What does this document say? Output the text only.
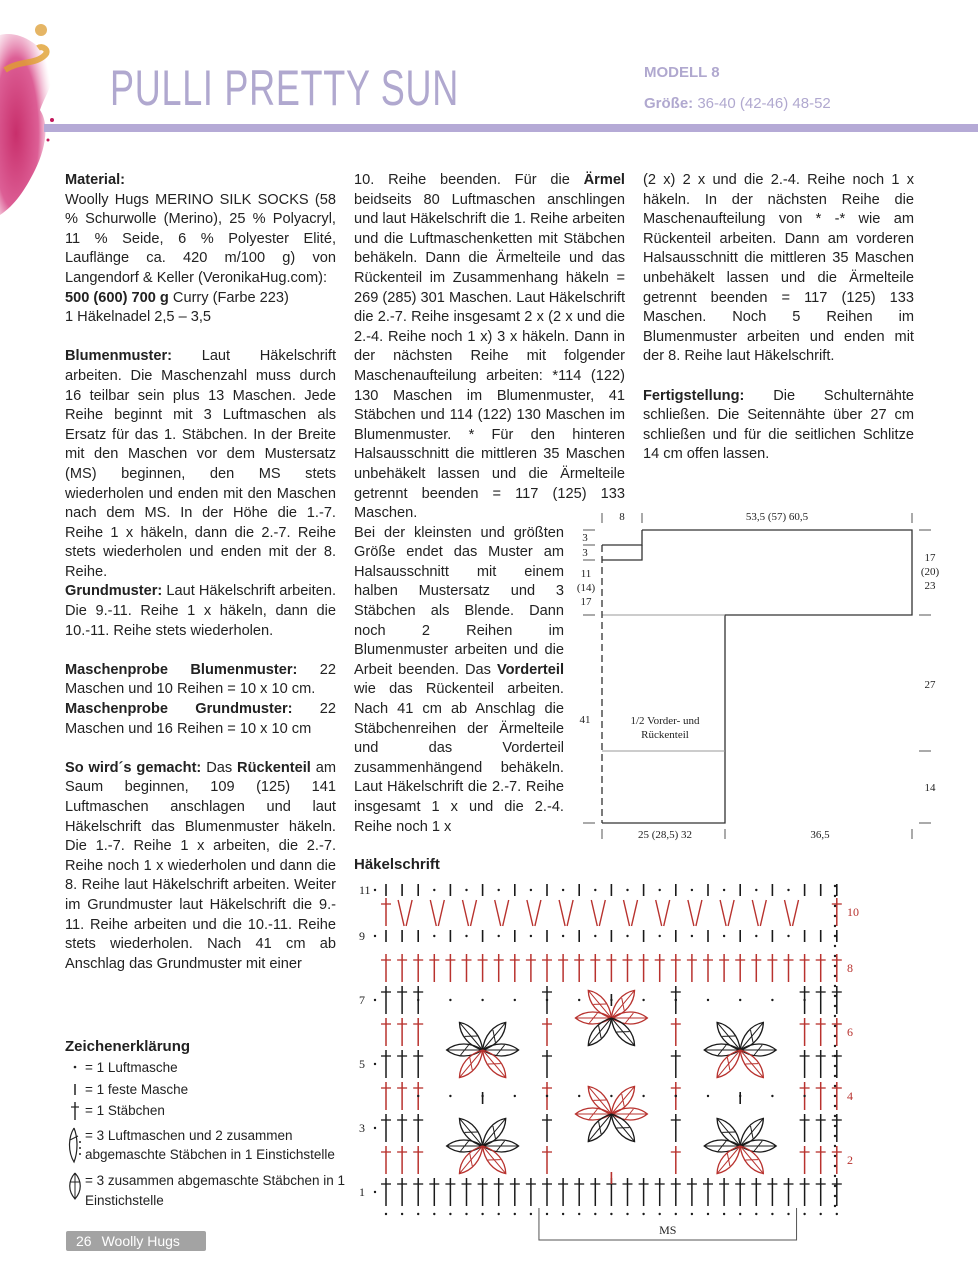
PULLI PRETTY SUN	MODELL 8
Größe: 36-40 (42-46) 48-52

Material:

Woolly Hugs MERINO SILK SOCKS (58 % Schurwolle (Merino), 25 % Polyacryl, 11 % Seide, 6 % Polyester Elité, Lauflänge ca. 420 m/100 g) von Langendorf & Keller (VeronikaHug.com):

500 (600) 700 g Curry (Farbe 223)

1 Häkelnadel 2,5 – 3,5

Blumenmuster: Laut Häkelschrift arbeiten. Die Maschenzahl muss durch 16 teilbar sein plus 13 Maschen. Jede Reihe beginnt mit 3 Luftmaschen als Ersatz für das 1. Stäbchen. In der Breite mit den Maschen vor dem Mustersatz (MS) beginnen, den MS stets wiederholen und enden mit den Maschen nach dem MS. In der Höhe die 1.-7. Reihe 1 x häkeln, dann die 2.-7. Reihe stets wiederholen und enden mit der 8. Reihe.

Grundmuster: Laut Häkelschrift arbeiten. Die 9.-11. Reihe 1 x häkeln, dann die 10.-11. Reihe stets wiederholen.

Maschenprobe Blumenmuster: 22 Maschen und 10 Reihen = 10 x 10 cm.

Maschenprobe Grundmuster: 22 Maschen und 16 Reihen = 10 x 10 cm

So wird´s gemacht: Das Rückenteil am Saum beginnen, 109 (125) 141 Luftmaschen anschlagen und laut Häkelschrift das Blumenmuster häkeln. Die 1.-7. Reihe 1 x arbeiten, die 2.-7. Reihe noch 1 x wiederholen und dann die 8. Reihe laut Häkelschrift arbeiten. Weiter im Grundmuster laut Häkelschrift die 9.- 11. Reihe arbeiten und die 10.-11. Reihe stets wiederholen. Nach 41 cm ab Anschlag das Grundmuster mit einer

10. Reihe beenden. Für die Ärmel beidseits 80 Luftmaschen anschlingen und laut Häkelschrift die 1. Reihe arbeiten und die Luftmaschenketten mit Stäbchen behäkeln. Dann die Ärmelteile und das Rückenteil im Zusammenhang häkeln = 269 (285) 301 Maschen. Laut Häkelschrift die 2.-7. Reihe insgesamt 2 x (2 x und die 2.-4. Reihe noch 1 x) 3 x häkeln. Dann in der nächsten Reihe mit folgender Maschenaufteilung arbeiten: *114 (122) 130 Maschen im Blumenmuster, 41 Stäbchen und 114 (122) 130 Maschen im Blumenmuster. * Für den hinteren Halsausschnitt die mittleren 35 Maschen unbehäkelt lassen und die Ärmelteile getrennt beenden = 117 (125) 133 Maschen.

Bei der kleinsten und größten Größe endet das Muster am Halsausschnitt mit einem halben Mustersatz und 3 Stäbchen als Blende. Dann noch 2 Reihen im Blumenmuster arbeiten und die Arbeit beenden. Das Vorderteil wie das Rückenteil arbeiten. Nach 41 cm ab Anschlag die Stäbchenreihen der Ärmelteile und das Vorderteil zusammenhängend behäkeln. Laut Häkelschrift die 2.-7. Reihe insgesamt 1 x und die 2.-4. Reihe noch 1 x

(2 x) 2 x und die 2.-4. Reihe noch 1 x häkeln. In der nächsten Reihe die Maschenaufteilung von * -* wie am Rückenteil arbeiten. Dann am vorderen Halsausschnitt die mittleren 35 Maschen unbehäkelt lassen und die Ärmelteile getrennt beenden = 117 (125) 133 Maschen. Noch 5 Reihen im Blumenmuster arbeiten und enden mit der 8. Reihe laut Häkelschrift.

Fertigstellung: Die Schulternähte schließen. Die Seitennähte über 27 cm schließen und für die seitlichen Schlitze 14 cm offen lassen.

8	53,5 (57) 60,5
3
3
11
(14)
17
41
17
(20)
23
27
14
25 (28,5) 32	36,5
1/2 Vorder- und
Rückenteil
Häkelschrift
11
9
7
5
3
1
10
8
6
4
2
MS
Zeichenerklärung
= 1 Luftmasche
= 1 feste Masche
= 1 Stäbchen
= 3 Luftmaschen und 2 zusammen abgemaschte Stäbchen in 1 Einstichstelle
= 3 zusammen abgemaschte Stäbchen in 1 Einstichstelle
26 Woolly Hugs
